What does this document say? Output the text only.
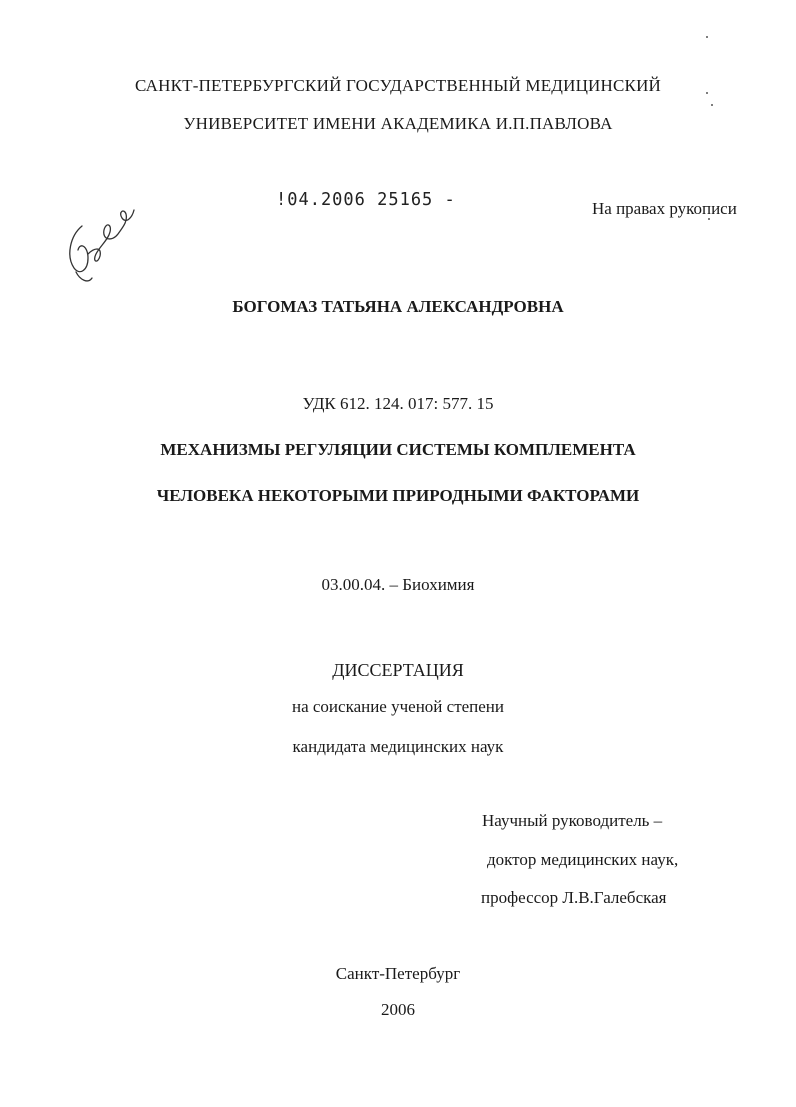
САНКТ-ПЕТЕРБУРГСКИЙ ГОСУДАРСТВЕННЫЙ МЕДИЦИНСКИЙ
УНИВЕРСИТЕТ ИМЕНИ АКАДЕМИКА И.П.ПАВЛОВА
!04.2006 25165 -	На правах рукописи
БОГОМАЗ ТАТЬЯНА АЛЕКСАНДРОВНА
УДК 612. 124. 017: 577. 15
МЕХАНИЗМЫ РЕГУЛЯЦИИ СИСТЕМЫ КОМПЛЕМЕНТА
ЧЕЛОВЕКА НЕКОТОРЫМИ ПРИРОДНЫМИ ФАКТОРАМИ
03.00.04. – Биохимия
ДИССЕРТАЦИЯ
на соискание ученой степени
кандидата медицинских наук
Научный руководитель –
доктор медицинских наук,
профессор Л.В.Галебская
Санкт-Петербург
2006
